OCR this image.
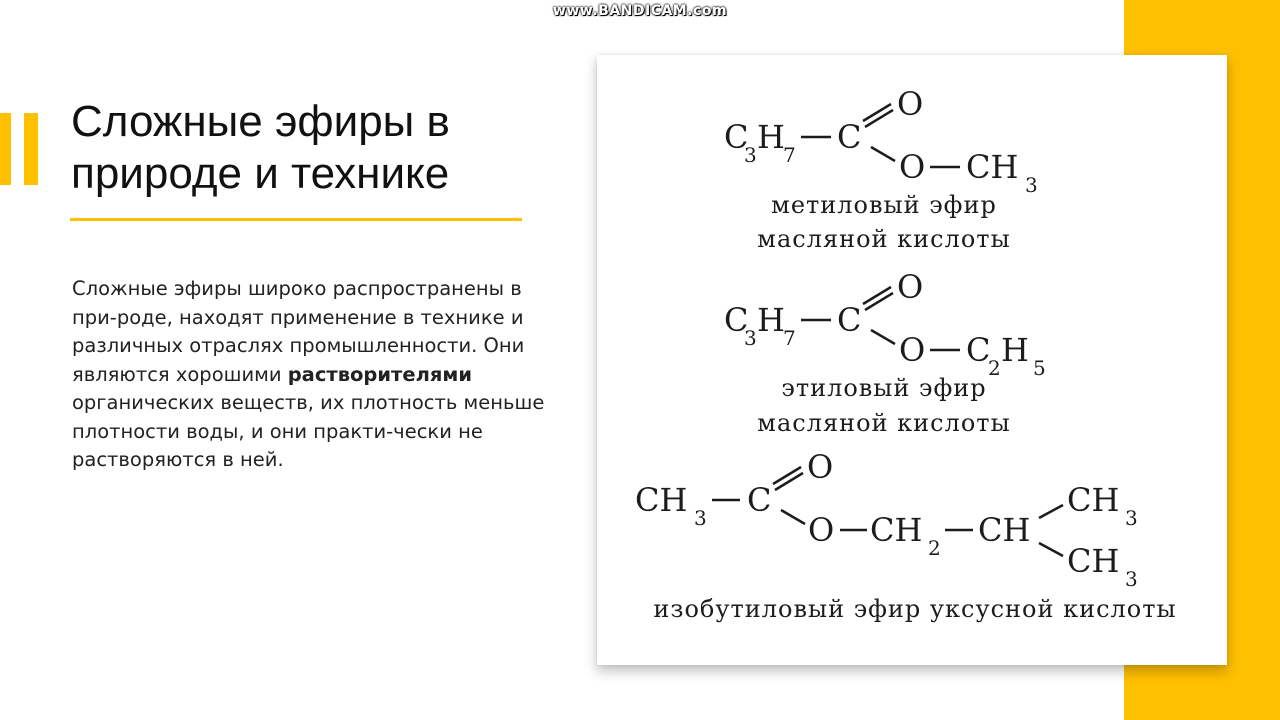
www.BANDICAM.com
Сложные эфиры в природе и технике
Сложные эфиры широко распространены в при-роде, находят применение в технике и различных отраслях промышленности. Они являются хорошими растворителями органических веществ, их плотность меньше плотности воды, и они практи-чески не растворяются в ней.
C
3 H
7 C
O
O CH 3
метиловый эфир
масляной кислоты
C
3 H
7 C
O
O C
2 H 5
этиловый эфир
масляной кислоты
CH 3 C
O
O CH 2 CH
CH 3
CH 3
изобутиловый эфир уксусной кислоты
